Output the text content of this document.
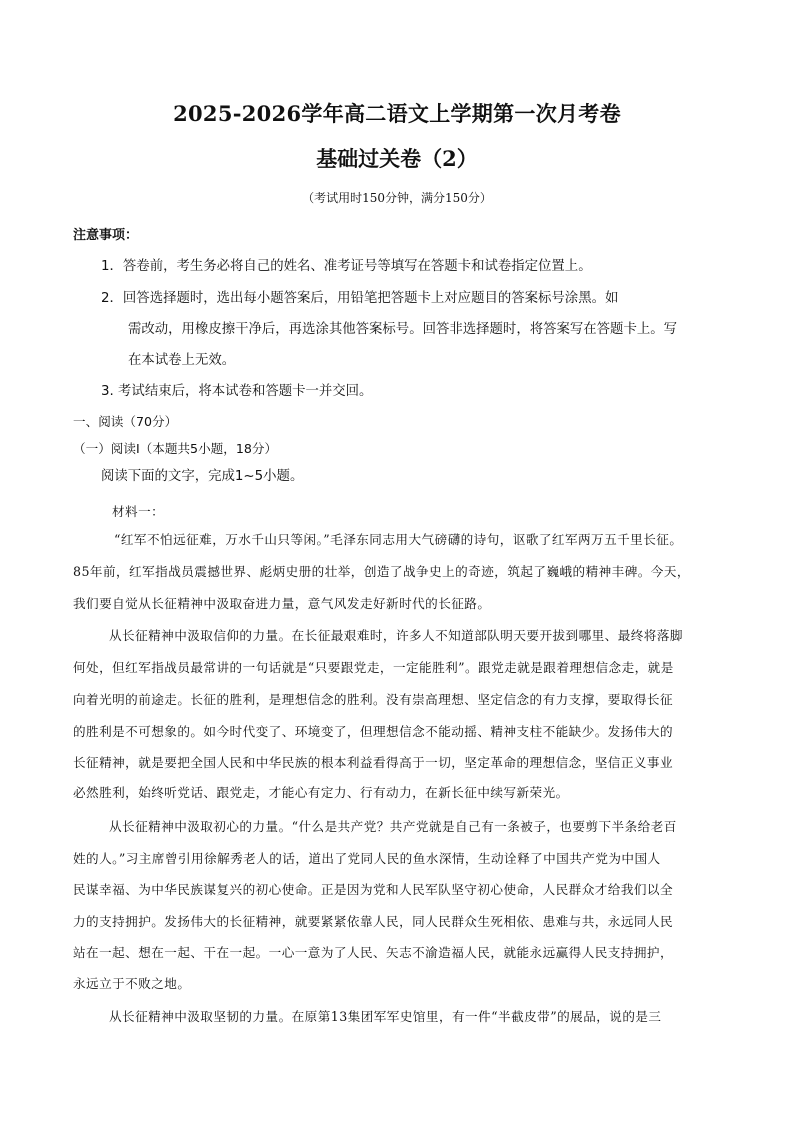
2025-2026学年高二语文上学期第一次月考卷
基础过关卷（2）
（考试用时150分钟，满分150分）
注意事项：
1．答卷前，考生务必将自己的姓名、准考证号等填写在答题卡和试卷指定位置上。
2．回答选择题时，选出每小题答案后，用铅笔把答题卡上对应题目的答案标号涂黑。如
需改动，用橡皮擦干净后，再选涂其他答案标号。回答非选择题时，将答案写在答题卡上。写
在本试卷上无效。
3. 考试结束后，将本试卷和答题卡一并交回。
一、阅读（70分）
（一）阅读Ⅰ（本题共5小题，18分）
阅读下面的文字，完成1~5小题。
材料一：
“红军不怕远征难，万水千山只等闲。”毛泽东同志用大气磅礴的诗句，讴歌了红军两万五千里长征。
85年前，红军指战员震撼世界、彪炳史册的壮举，创造了战争史上的奇迹，筑起了巍峨的精神丰碑。今天，
我们要自觉从长征精神中汲取奋进力量，意气风发走好新时代的长征路。
从长征精神中汲取信仰的力量。在长征最艰难时，许多人不知道部队明天要开拔到哪里、最终将落脚
何处，但红军指战员最常讲的一句话就是“只要跟党走，一定能胜利”。跟党走就是跟着理想信念走，就是
向着光明的前途走。长征的胜利，是理想信念的胜利。没有崇高理想、坚定信念的有力支撑，要取得长征
的胜利是不可想象的。如今时代变了、环境变了，但理想信念不能动摇、精神支柱不能缺少。发扬伟大的
长征精神，就是要把全国人民和中华民族的根本利益看得高于一切，坚定革命的理想信念，坚信正义事业
必然胜利，始终听党话、跟党走，才能心有定力、行有动力，在新长征中续写新荣光。
从长征精神中汲取初心的力量。“什么是共产党？共产党就是自己有一条被子，也要剪下半条给老百
姓的人。”习主席曾引用徐解秀老人的话，道出了党同人民的鱼水深情，生动诠释了中国共产党为中国人
民谋幸福、为中华民族谋复兴的初心使命。正是因为党和人民军队坚守初心使命，人民群众才给我们以全
力的支持拥护。发扬伟大的长征精神，就要紧紧依靠人民，同人民群众生死相依、患难与共，永远同人民
站在一起、想在一起、干在一起。一心一意为了人民、矢志不渝造福人民，就能永远赢得人民支持拥护，
永远立于不败之地。
从长征精神中汲取坚韧的力量。在原第13集团军军史馆里，有一件“半截皮带”的展品，说的是三
